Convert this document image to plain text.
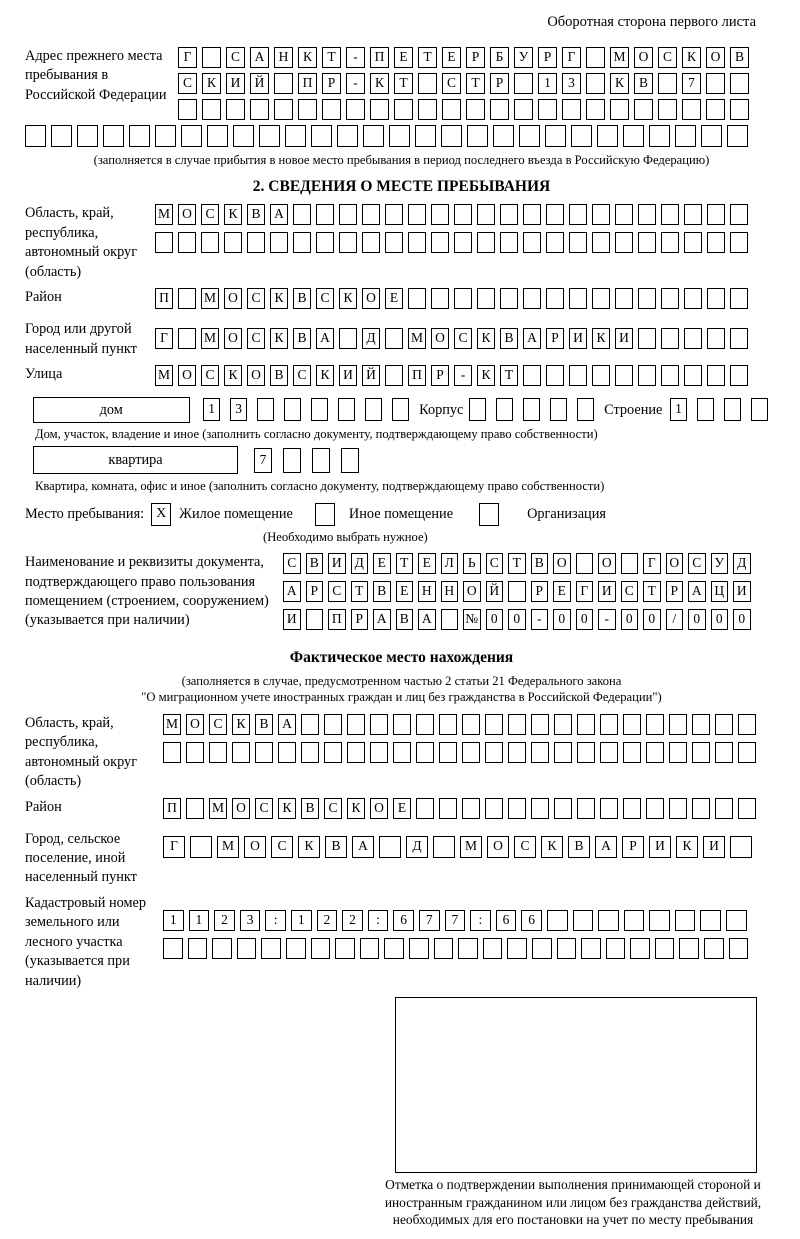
Оборотная сторона первого листа
Адрес прежнего места пребывания в Российской Федерации
Г	С	А	Н	К	Т	-	П	Е	Т	Е	Р	Б	У	Р	Г	М О	С	К	О	В
С	К	И	Й	П	Р	-	К	Т	С	Т	Р	1	3	К	В	7
(заполняется в случае прибытия в новое место пребывания в период последнего въезда в Российскую Федерацию)
2. СВЕДЕНИЯ О МЕСТЕ ПРЕБЫВАНИЯ
Область, край, республика, автономный округ (область)
М О	С	К	В	А
Район	П	М О	С	К	В	С	К	О	Е
Город или другой населенный пункт
Г	М О	С	К	В	А	Д	М О	С	К	В	А	Р	И	К	И
Улица	М О	С	К	О	В	С	К	И Й	П	Р	-	К	Т
дом	1	3	Корпус	Строение 1
Дом, участок, владение и иное (заполнить согласно документу, подтверждающему право собственности)
квартира	7
Квартира, комната, офис и иное (заполнить согласно документу, подтверждающему право собственности)
Место пребывания: X Жилое помещение	Иное помещение	Организация
(Необходимо выбрать нужное)
Наименование и реквизиты документа, подтверждающего право пользования помещением (строением, сооружением) (указывается при наличии)
С В И Д	Е	Т	Е	Л	Ь	С	Т	В О	О	Г	О С У Д
А	Р	С	Т	В	Е	Н Н О Й	Р	Е	Г	И С	Т	Р	А Ц И
И	П	Р	А В А № 0	0	-	0	0	-	0	0	/	0	0	0
Фактическое место нахождения
(заполняется в случае, предусмотренном частью 2 статьи 21 Федерального закона
"О миграционном учете иностранных граждан и лиц без гражданства в Российской Федерации")
Область, край, республика, автономный округ (область)
М О	С	К	В	А
Район	П	М О	С	К	В	С	К	О	Е
Город, сельское поселение, иной населенный пункт
Г	М	О	С	К	В	А	Д	М	О	С	К	В	А	Р	И	К	И
Кадастровый номер земельного или лесного участка (указывается при наличии)
1	1	2	3	:	1	2	2	:	6	7	7	:	6	6
Отметка о подтверждении выполнения принимающей стороной и иностранным гражданином или лицом без гражданства действий, необходимых для его постановки на учет по месту пребывания
